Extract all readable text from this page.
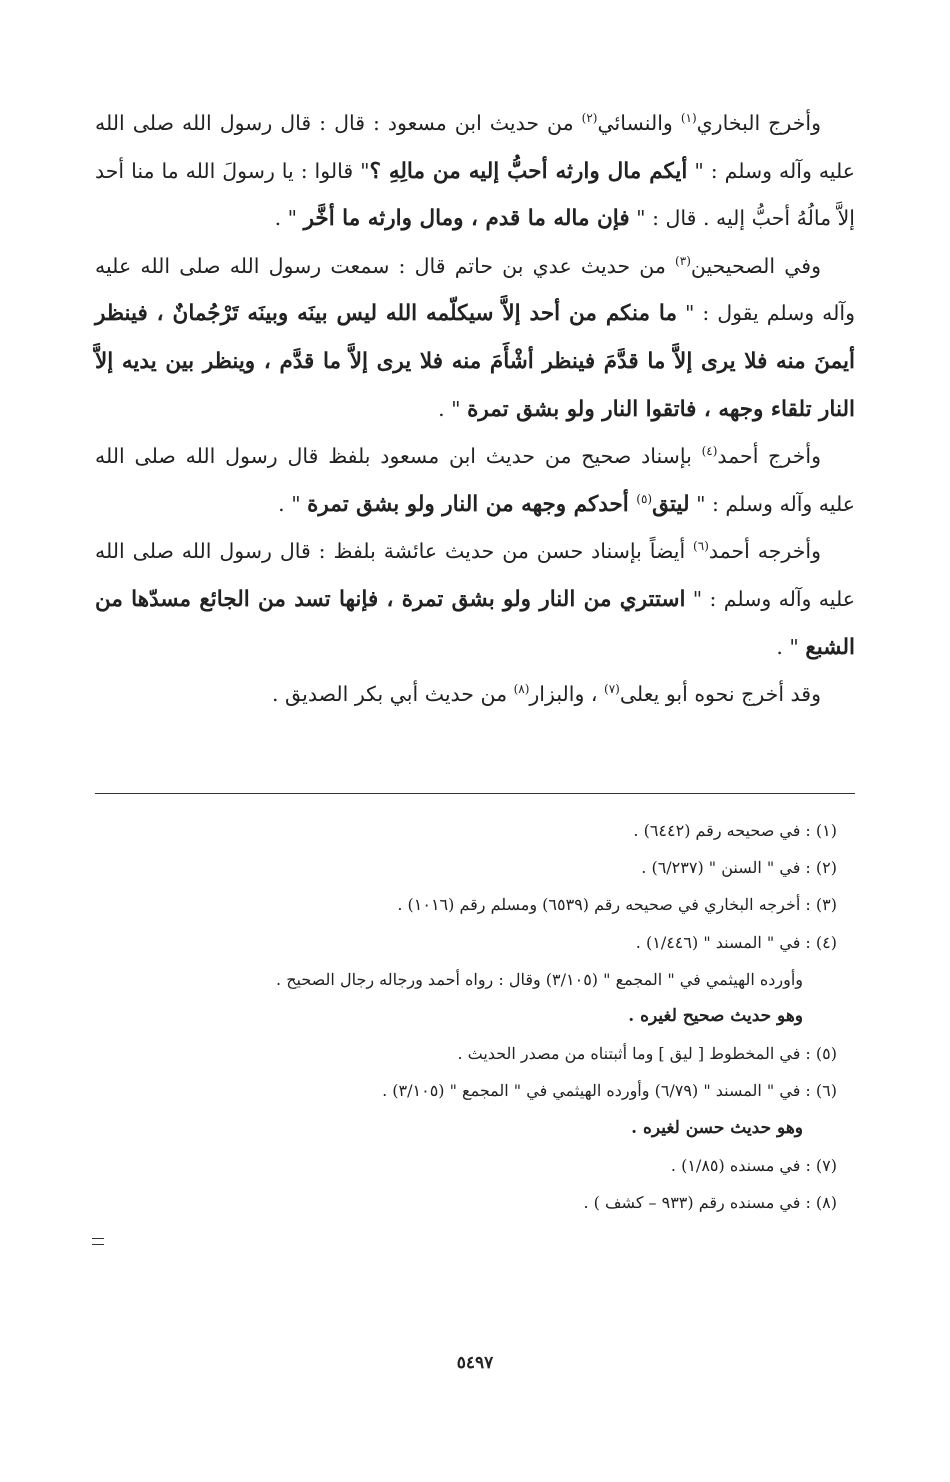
وأخرج البخاري$^{(١)}$ والنسائي$^{(٢)}$ من حديث ابن مسعود : قال : قال رسول الله صلى الله عليه وآله وسلم : " أيكم مال وارثه أحبُّ إليه من مالِهِ ؟" قالوا : يا رسولَ الله ما منا أحد إلاَّ مالُهُ أحبُّ إليه . قال : " فإن ماله ما قدم ، ومال وارثه ما أخَّر " .

وفي الصحيحين$^{(٣)}$ من حديث عدي بن حاتم قال : سمعت رسول الله صلى الله عليه وآله وسلم يقول : " ما منكم من أحد إلاَّ سيكلّمه الله ليس بينَه وبينَه تَرْجُمانٌ ، فينظر أيمنَ منه فلا يرى إلاَّ ما قدَّمَ فينظر أشْأَمَ منه فلا يرى إلاَّ ما قدَّم ، وينظر بين يديه إلاَّ النار تلقاء وجهه ، فاتقوا النار ولو بشق تمرة " .

وأخرج أحمد$^{(٤)}$ بإسناد صحيح من حديث ابن مسعود بلفظ قال رسول الله صلى الله عليه وآله وسلم : " ليتق$^{(٥)}$ أحدكم وجهه من النار ولو بشق تمرة " .

وأخرجه أحمد$^{(٦)}$ أيضاً بإسناد حسن من حديث عائشة بلفظ : قال رسول الله صلى الله عليه وآله وسلم : " استتري من النار ولو بشق تمرة ، فإنها تسد من الجائع مسدّها من الشبع " .

وقد أخرج نحوه أبو يعلى$^{(٧)}$ ، والبزار$^{(٨)}$ من حديث أبي بكر الصديق .

(١) : في صحيحه رقم (٦٤٤٢) .

(٢) : في " السنن " (٦/٢٣٧) .

(٣) : أخرجه البخاري في صحيحه رقم (٦٥٣٩) ومسلم رقم (١٠١٦) .

(٤) : في " المسند " (١/٤٤٦) .

وأورده الهيثمي في " المجمع " (٣/١٠٥) وقال : رواه أحمد ورجاله رجال الصحيح .

وهو حديث صحيح لغيره .

(٥) : في المخطوط [ ليق ] وما أثبتناه من مصدر الحديث .

(٦) : في " المسند " (٦/٧٩) وأورده الهيثمي في " المجمع " (٣/١٠٥) .

وهو حديث حسن لغيره .

(٧) : في مسنده (١/٨٥) .

(٨) : في مسنده رقم (٩٣٣ – كشف ) .

٥٤٩٧
